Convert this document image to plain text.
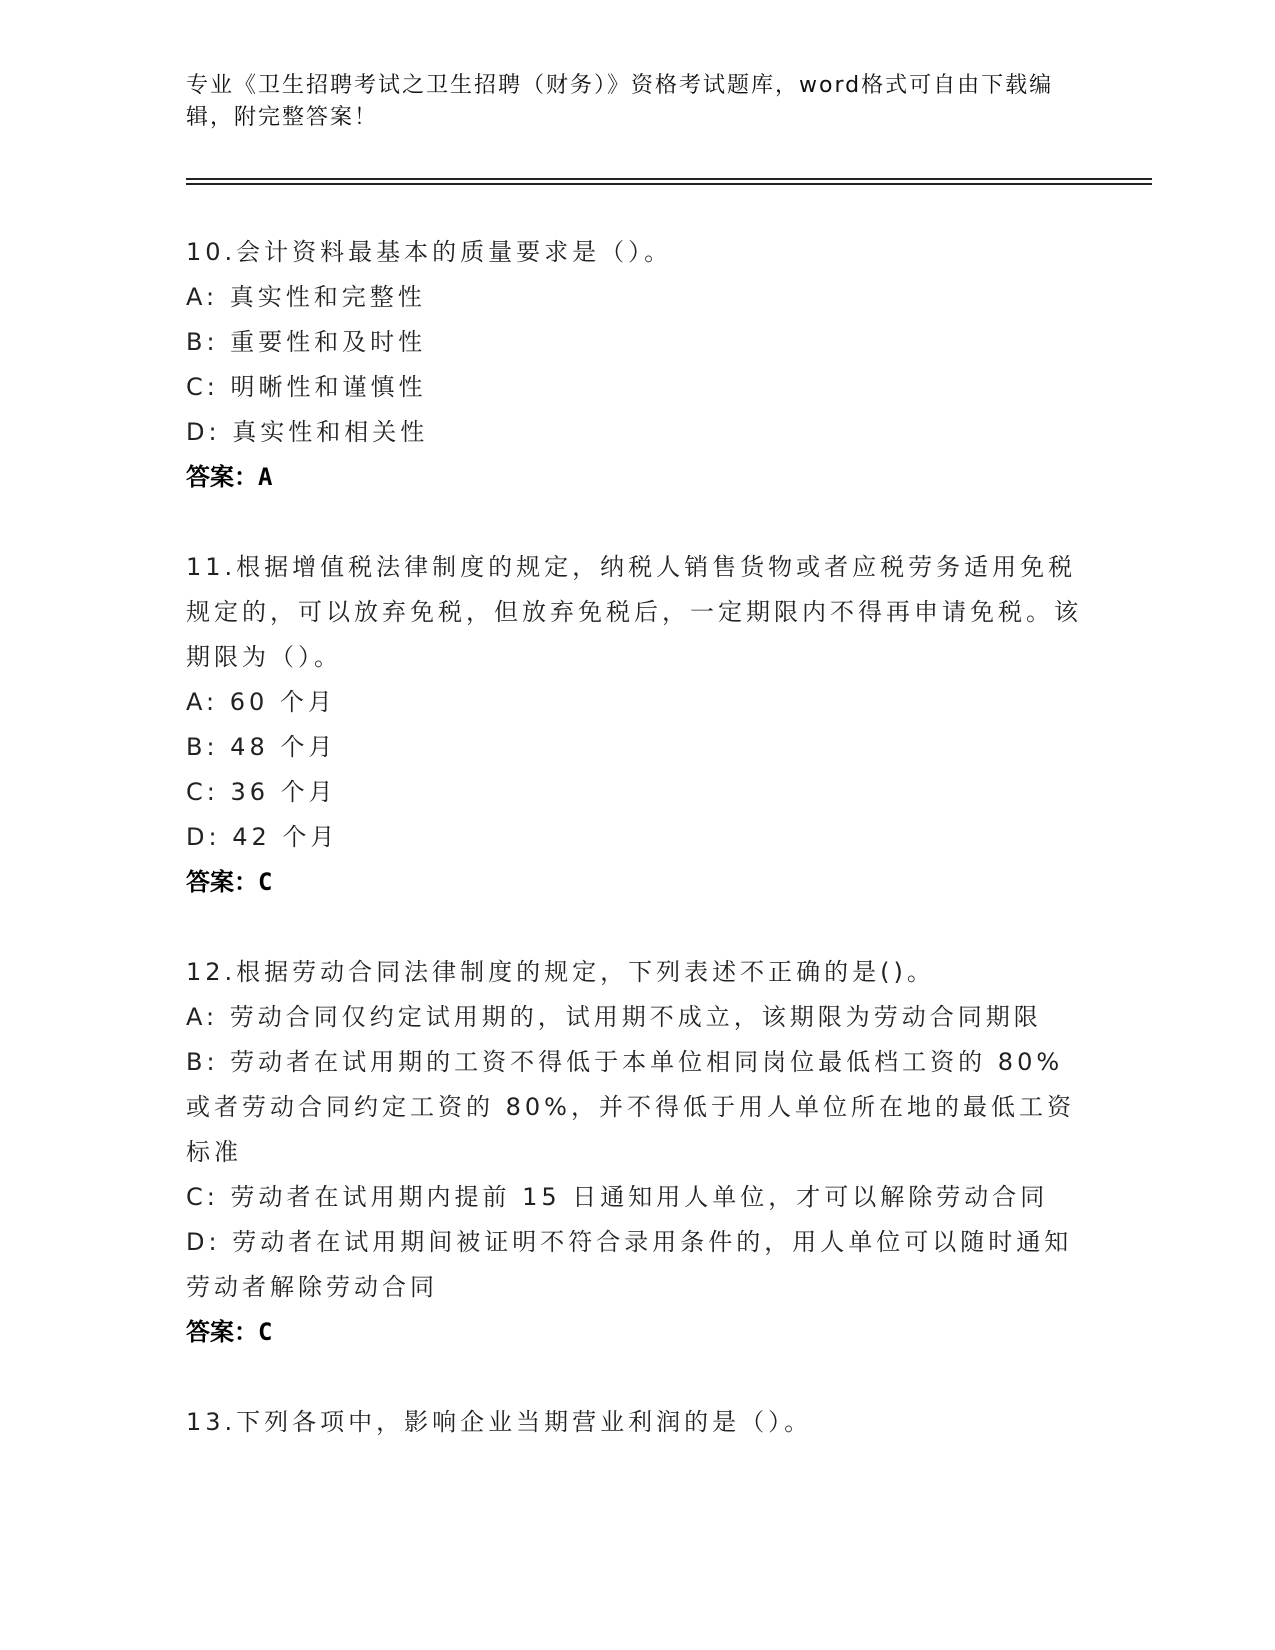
专业《卫生招聘考试之卫生招聘（财务）》资格考试题库，word格式可自由下载编辑，附完整答案！
10.会计资料最基本的质量要求是（）。
A: 真实性和完整性
B: 重要性和及时性
C: 明晰性和谨慎性
D: 真实性和相关性
答案：A
11.根据增值税法律制度的规定，纳税人销售货物或者应税劳务适用免税规定的，可以放弃免税，但放弃免税后，一定期限内不得再申请免税。该期限为（）。
A: 60 个月
B: 48 个月
C: 36 个月
D: 42 个月
答案：C
12.根据劳动合同法律制度的规定，下列表述不正确的是()。
A: 劳动合同仅约定试用期的，试用期不成立，该期限为劳动合同期限
B: 劳动者在试用期的工资不得低于本单位相同岗位最低档工资的 80%或者劳动合同约定工资的 80%，并不得低于用人单位所在地的最低工资标准
C: 劳动者在试用期内提前 15 日通知用人单位，才可以解除劳动合同
D: 劳动者在试用期间被证明不符合录用条件的，用人单位可以随时通知劳动者解除劳动合同
答案：C
13.下列各项中，影响企业当期营业利润的是（）。
